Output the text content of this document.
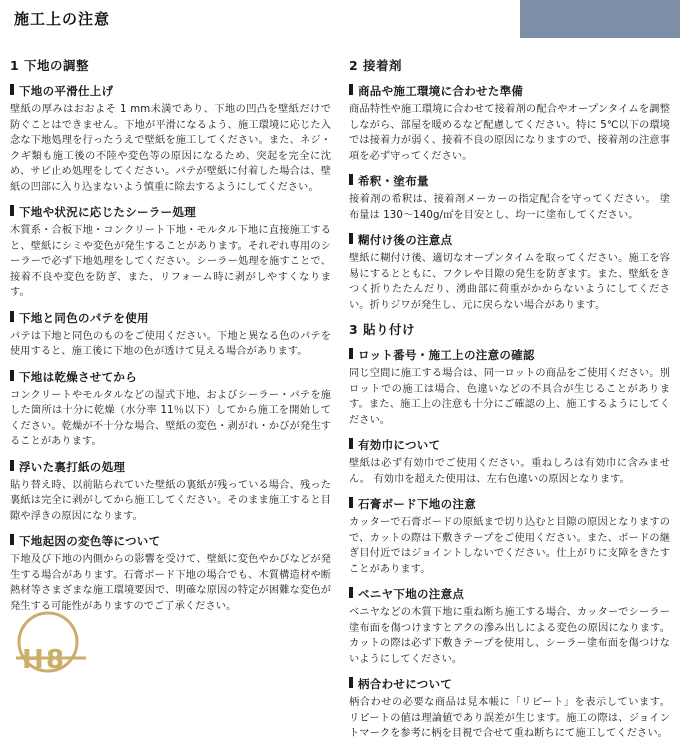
施工上の注意
1 下地の調整
下地の平滑仕上げ

壁紙の厚みはおおよそ 1 mm未満であり、下地の凹凸を壁紙だけで防ぐことはできません。下地が平滑になるよう、施工環境に応じた入念な下地処理を行ったうえで壁紙を施工してください。また、ネジ・クギ類も施工後の不陸や変色等の原因になるため、突起を完全に沈め、サビ止め処理をしてください。パテが壁紙に付着した場合は、壁紙の凹部に入り込まないよう慎重に除去するようにしてください。

下地や状況に応じたシーラー処理

木質系・合板下地・コンクリート下地・モルタル下地に直接施工すると、壁紙にシミや変色が発生することがあります。それぞれ専用のシーラーで必ず下地処理をしてください。シーラー処理を施すことで、接着不良や変色を防ぎ、また、リフォーム時に剥がしやすくなります。

下地と同色のパテを使用

パテは下地と同色のものをご使用ください。下地と異なる色のパテを使用すると、施工後に下地の色が透けて見える場合があります。

下地は乾燥させてから

コンクリートやモルタルなどの湿式下地、およびシーラー・パテを施した箇所は十分に乾燥（水分率 11％以下）してから施工を開始してください。乾燥が不十分な場合、壁紙の変色・剥がれ・かびが発生することがあります。

浮いた裏打紙の処理

貼り替え時、以前貼られていた壁紙の裏紙が残っている場合、残った裏紙は完全に剥がしてから施工してください。そのまま施工すると目隙や浮きの原因になります。

下地起因の変色等について

下地及び下地の内側からの影響を受けて、壁紙に変色やかびなどが発生する場合があります。石膏ボード下地の場合でも、木質構造材や断熱材等さまざまな施工環境要因で、明確な原因の特定が困難な変色が発生する可能性がありますのでご了承ください。

2 接着剤
商品や施工環境に合わせた準備

商品特性や施工環境に合わせて接着剤の配合やオープンタイムを調整しながら、部屋を暖めるなど配慮してください。特に 5℃以下の環境では接着力が弱く、接着不良の原因になりますので、接着剤の注意事項を必ず守ってください。

希釈・塗布量

接着剤の希釈は、接着剤メーカーの指定配合を守ってください。 塗布量は 130〜140g/㎡を目安とし、均一に塗布してください。

糊付け後の注意点

壁紙に糊付け後、適切なオープンタイムを取ってください。施工を容易にするとともに、フクレや目隙の発生を防ぎます。また、壁紙をきつく折りたたんだり、湧曲部に荷重がかからないようにしてください。折りジワが発生し、元に戻らない場合があります。

3 貼り付け
ロット番号・施工上の注意の確認

同じ空間に施工する場合は、同一ロットの商品をご使用ください。別ロットでの施工は場合、色違いなどの不具合が生じることがあります。また、施工上の注意も十分にご確認の上、施工するようにしてください。

有効巾について

壁紙は必ず有効巾でご使用ください。重ねしろは有効巾に含みません。 有効巾を超えた使用は、左右色違いの原因となります。

石膏ボード下地の注意

カッターで石膏ボードの原紙まで切り込むと目隙の原因となりますので、カットの際は下敷きテープをご使用ください。また、ボードの継ぎ目付近ではジョイントしないでください。仕上がりに支障をきたすことがあります。

ベニヤ下地の注意点

ベニヤなどの木質下地に重ね断ち施工する場合、カッターでシーラー塗布面を傷つけますとアクの滲み出しによる変色の原因になります。カットの際は必ず下敷きテープを使用し、シーラー塗布面を傷つけないようにしてください。

柄合わせについて

柄合わせの必要な商品は見本帳に「リピート」を表示しています。 リピートの値は理論値であり誤差が生じます。施工の際は、ジョイントマークを参考に柄を目視で合せて重ね断ちにて施工してください。

H 8
